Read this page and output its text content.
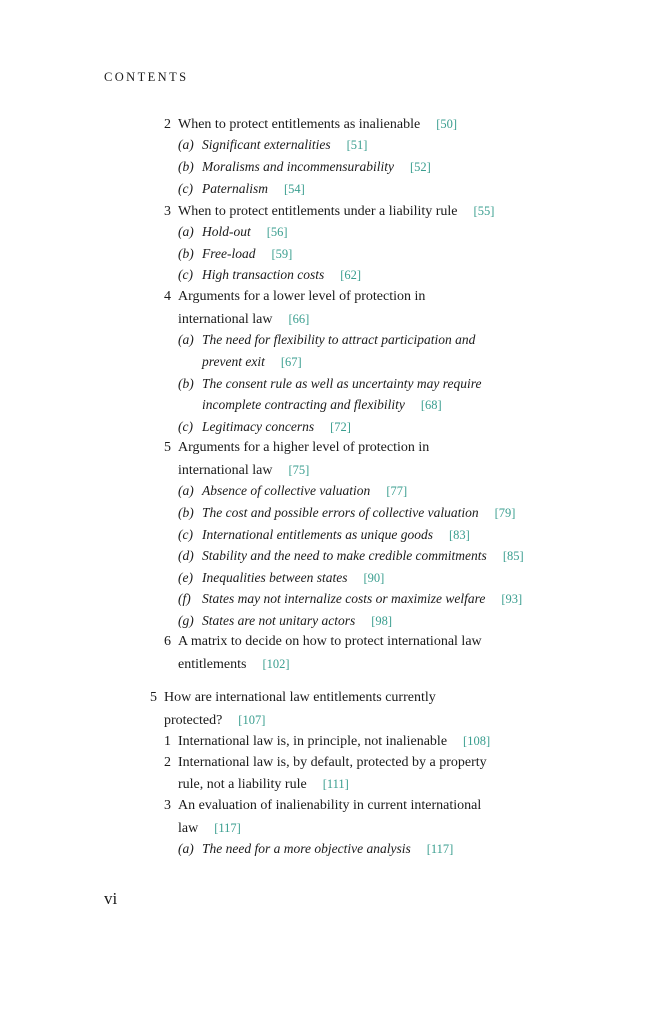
CONTENTS
2 When to protect entitlements as inalienable [50]
(a) Significant externalities [51]
(b) Moralisms and incommensurability [52]
(c) Paternalism [54]
3 When to protect entitlements under a liability rule [55]
(a) Hold-out [56]
(b) Free-load [59]
(c) High transaction costs [62]
4 Arguments for a lower level of protection in
international law [66]
(a) The need for flexibility to attract participation and
prevent exit [67]
(b) The consent rule as well as uncertainty may require
incomplete contracting and flexibility [68]
(c) Legitimacy concerns [72]
5 Arguments for a higher level of protection in
international law [75]
(a) Absence of collective valuation [77]
(b) The cost and possible errors of collective valuation [79]
(c) International entitlements as unique goods [83]
(d) Stability and the need to make credible commitments [85]
(e) Inequalities between states [90]
(f) States may not internalize costs or maximize welfare [93]
(g) States are not unitary actors [98]
6 A matrix to decide on how to protect international law
entitlements [102]
5 How are international law entitlements currently
protected? [107]
1 International law is, in principle, not inalienable [108]
2 International law is, by default, protected by a property
rule, not a liability rule [111]
3 An evaluation of inalienability in current international
law [117]
(a) The need for a more objective analysis [117]
vi
